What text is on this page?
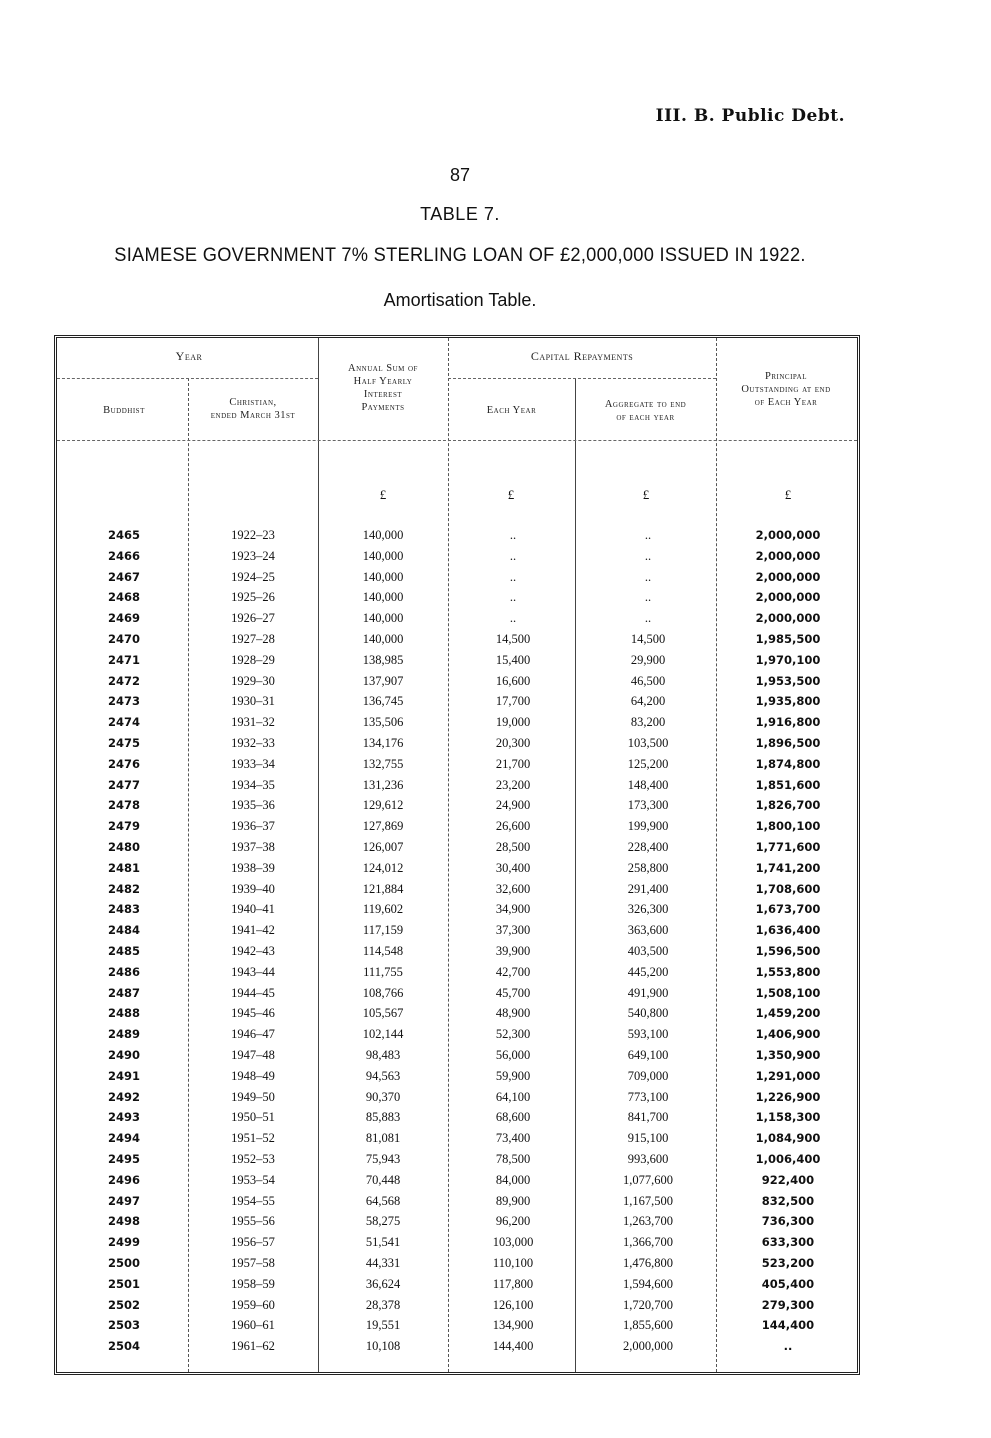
III. B. Public Debt.
87
TABLE 7.
SIAMESE GOVERNMENT 7% STERLING LOAN OF £2,000,000 ISSUED IN 1922.
Amortisation Table.
Year
Buddhist
Christian,
ended March 31st
Annual Sum of
Half Yearly
Interest
Payments
Capital Repayments
Each Year
Aggregate to end
of each year
Principal
Outstanding at end
of Each Year
£	£	£	£
2465	1922–23	140,000	..	..	2,000,000
2466	1923–24	140,000	..	..	2,000,000
2467	1924–25	140,000	..	..	2,000,000
2468	1925–26	140,000	..	..	2,000,000
2469	1926–27	140,000	..	..	2,000,000
2470	1927–28	140,000	14,500	14,500	1,985,500
2471	1928–29	138,985	15,400	29,900	1,970,100
2472	1929–30	137,907	16,600	46,500	1,953,500
2473	1930–31	136,745	17,700	64,200	1,935,800
2474	1931–32	135,506	19,000	83,200	1,916,800
2475	1932–33	134,176	20,300	103,500	1,896,500
2476	1933–34	132,755	21,700	125,200	1,874,800
2477	1934–35	131,236	23,200	148,400	1,851,600
2478	1935–36	129,612	24,900	173,300	1,826,700
2479	1936–37	127,869	26,600	199,900	1,800,100
2480	1937–38	126,007	28,500	228,400	1,771,600
2481	1938–39	124,012	30,400	258,800	1,741,200
2482	1939–40	121,884	32,600	291,400	1,708,600
2483	1940–41	119,602	34,900	326,300	1,673,700
2484	1941–42	117,159	37,300	363,600	1,636,400
2485	1942–43	114,548	39,900	403,500	1,596,500
2486	1943–44	111,755	42,700	445,200	1,553,800
2487	1944–45	108,766	45,700	491,900	1,508,100
2488	1945–46	105,567	48,900	540,800	1,459,200
2489	1946–47	102,144	52,300	593,100	1,406,900
2490	1947–48	98,483	56,000	649,100	1,350,900
2491	1948–49	94,563	59,900	709,000	1,291,000
2492	1949–50	90,370	64,100	773,100	1,226,900
2493	1950–51	85,883	68,600	841,700	1,158,300
2494	1951–52	81,081	73,400	915,100	1,084,900
2495	1952–53	75,943	78,500	993,600	1,006,400
2496	1953–54	70,448	84,000	1,077,600	922,400
2497	1954–55	64,568	89,900	1,167,500	832,500
2498	1955–56	58,275	96,200	1,263,700	736,300
2499	1956–57	51,541	103,000	1,366,700	633,300
2500	1957–58	44,331	110,100	1,476,800	523,200
2501	1958–59	36,624	117,800	1,594,600	405,400
2502	1959–60	28,378	126,100	1,720,700	279,300
2503	1960–61	19,551	134,900	1,855,600	144,400
2504	1961–62	10,108	144,400	2,000,000	..
